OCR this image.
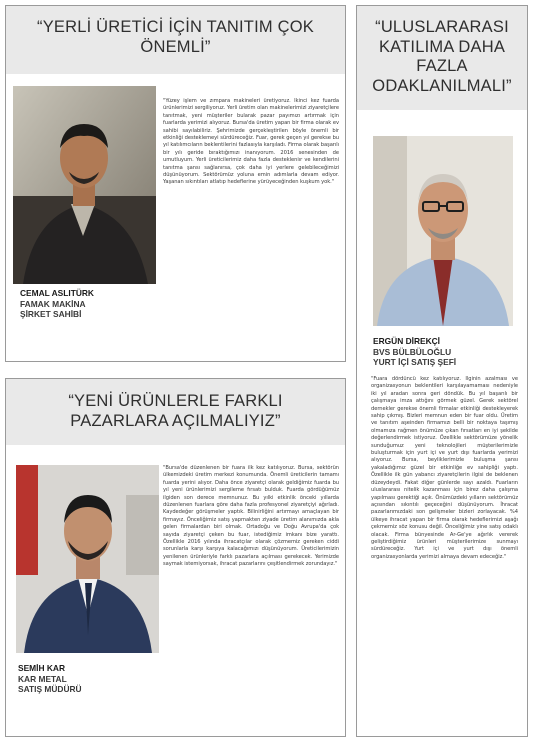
“YERLİ ÜRETİCİ İÇİN TANITIM ÇOK ÖNEMLİ”
CEMAL ASLITÜRK
FAMAK MAKİNA
ŞİRKET SAHİBİ
"Yüzey işlem ve zımpara makineleri üretiyoruz. İkinci kez fuarda ürünlerimizi sergiliyoruz. Yerli üretim olan makinelerimizi ziyaretçilere tanıtmak, yeni müşteriler bularak pazar payımızı artırmak için fuarlarda yerimizi alıyoruz. Bursa'da üretim yapan bir firma olarak ev sahibi sayılabiliriz. Şehrimizde gerçekleştirilen böyle önemli bir etkinliği desteklemeyi sürdüreceğiz. Fuar, gerek geçen yıl gerekse bu yıl katılımcıların beklentilerini fazlasıyla karşıladı. Firma olarak başarılı bir yılı geride bıraktığımızı inanıyorum. 2016 senesinden de umutluyum. Yerli üreticilerimiz daha fazla destekleniır ve kendilerini tanıtma şansı sağlanırsa, çok daha iyi yerlere gelebileceğimizi düşünüyorum. Sektörümüz yoluna emin adımlarla devam ediyor. Yaşanan sıkıntıları atlatıp hedeflerine yürüyeceğinden kuşkum yok."
“ULUSLARARASI KATILIMA DAHA FAZLA ODAKLANILMALI”
ERGÜN DİREKÇİ
BVS BÜLBÜLOĞLU
YURT İÇİ SATIŞ ŞEFİ
"Fuara dördüncü kez katılıyoruz. İlginin azalması ve organizasyonun beklentileri karşılayamaması nedeniyle iki yıl aradan sonra geri döndük. Bu yıl başarılı bir çalışmaya imza attığını görmek güzel. Gerek sektörel dernekler gerekse önemli firmalar etkinliği destekleyerek sahip çıkmış. Bizleri memnun eden bir fuar oldu. Üretim ve tanıtım aşeinden firmamızı belli bir noktaya taşımış olmamıza rağmen önümüze çıkan fırsatları en iyi şekilde değerlendirmek istiyoruz. Özellikle sektörümüze yönelik sunduğumuz yeni teknolojileri müşterilerimizle buluşturmak için yurt içi ve yurt dışı fuarlarda yerimizi alıyoruz. Bursa, beyliklerimizle buluşma şansı yakaladığımız güzel bir etkinliğe ev sahipliği yaptı. Özellikle ilk gün yabancı ziyaretçilerin ilgisi de beklenen düzeydeydi. Fakat diğer günlerde sayı azaldı. Fuarların uluslararası nitelik kazanması için birez daha çalışma yapılması gerektiği açık. Önümüzdeki yılların sektörümüz açısından sıkıntılı geçeceğini düşünüyorum. İhracat pazarlarımızdaki son gelişmeler bizleri zorlayacak. %4 ülkeye ihracat yapan bir firma olarak hedeflerimizi aşağı çekmemiz söz konusu değil. Önceliğimiz yine satış odaklı olacak. Firma bünyesinde Ar-Ge'ye ağırlık vererek geliştirdiğimiz ürünleri müşterilerimize sunmayı sürdüreceğiz. Yurt içi ve yurt dışı önemli organizasyonlarda yerimizi almaya devam edeceğiz."
“YENİ ÜRÜNLERLE FARKLI PAZARLARA AÇILMALIYIZ”
SEMİH KAR
KAR METAL
SATIŞ MÜDÜRÜ
"Bursa'de düzenlenen bir fuara ilk kez katılıyoruz. Bursa, sektörün ülkemizdeki üretim merkezi konumunda. Önemli üreticilerin tamamı fuarda yerini alıyor. Daha önce ziyaretçi olarak geldiğimiz fuarda bu yıl yeni ürünlerimizi sergileme fırsatı bulduk. Fuarda gördüğümüz ilgiden son derece memnunuz. Bu yılki etkinlik önceki yıllarda düzenlenen fuarlara göre daha fazla profesyonel ziyaretçiyi ağırladı. Kaydedeğer görüşmeler yaptık. Bilinirliğini artırmayı amaçlayan bir firmayız. Önceliğimiz satış yapmakten ziyade üretim alanımızda akla gelen firmalardan biri olmak. Ortadoğu ve Doğu Avrupa'da çok sayıda ziyaretçi çeken bu fuar, istediğimiz imkanı bize yarattı. Özellikle 2016 yılında ihracatçılar olarak çözmemiz gereken ciddi sorunlarla karşı karşıya kalacağımızı düşünüyorum. Üreticilerimizin yenilenen ürünleriyle farklı pazarlara açılması gerekecek. Yerimizde saymak istemiyorsak, ihracat pazarlarını çeşitlendirmek zorundayız."
